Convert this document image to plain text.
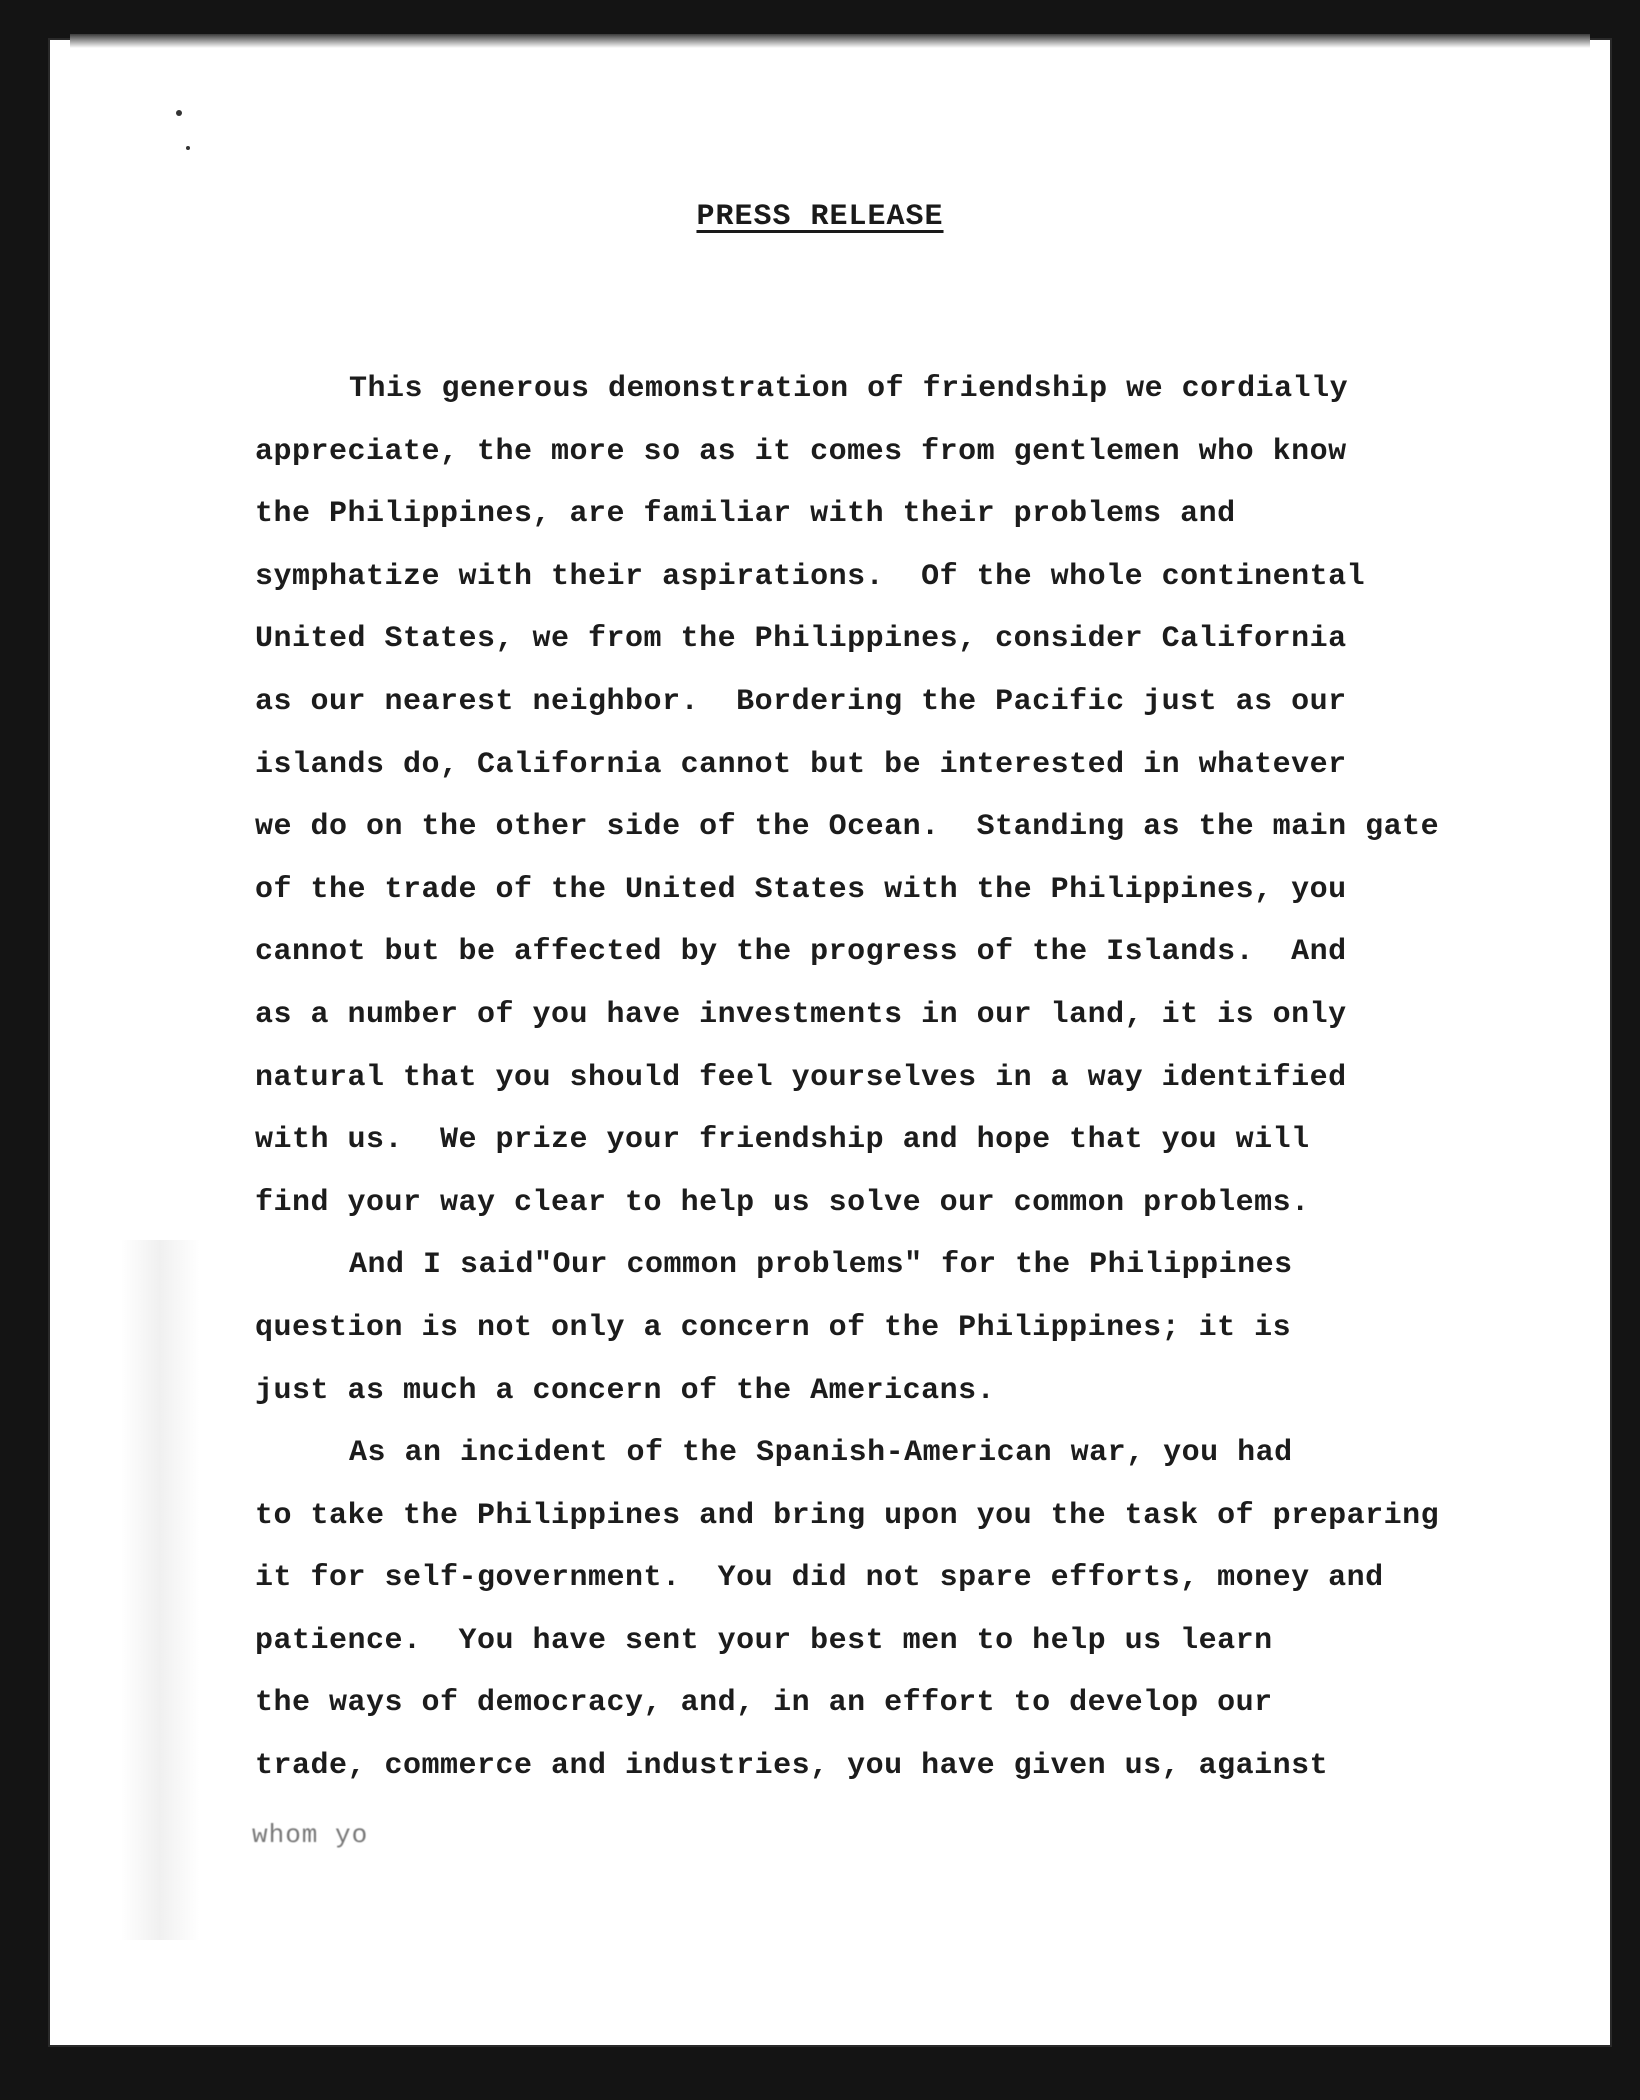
PRESS RELEASE
This generous demonstration of friendship we cordially
appreciate, the more so as it comes from gentlemen who know
the Philippines, are familiar with their problems and
symphatize with their aspirations.  Of the whole continental
United States, we from the Philippines, consider California
as our nearest neighbor.  Bordering the Pacific just as our
islands do, California cannot but be interested in whatever
we do on the other side of the Ocean.  Standing as the main gate
of the trade of the United States with the Philippines, you
cannot but be affected by the progress of the Islands.  And
as a number of you have investments in our land, it is only
natural that you should feel yourselves in a way identified
with us.  We prize your friendship and hope that you will
find your way clear to help us solve our common problems.
And I said"Our common problems" for the Philippines
question is not only a concern of the Philippines; it is
just as much a concern of the Americans.
As an incident of the Spanish-American war, you had
to take the Philippines and bring upon you the task of preparing
it for self-government.  You did not spare efforts, money and
patience.  You have sent your best men to help us learn
the ways of democracy, and, in an effort to develop our
trade, commerce and industries, you have given us, against
whom yo
